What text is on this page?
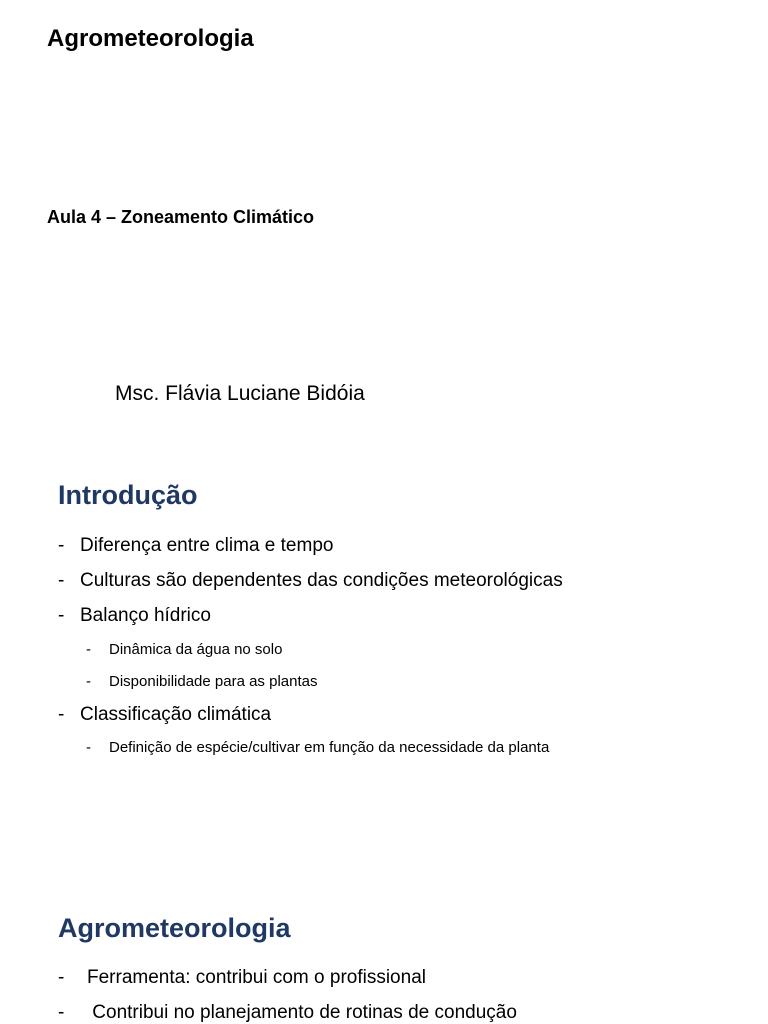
Agrometeorologia
Aula 4 – Zoneamento Climático
Msc. Flávia Luciane Bidóia
Introdução
- Diferença entre clima e tempo
- Culturas são dependentes das condições meteorológicas
- Balanço hídrico
-	Dinâmica da água no solo
-	Disponibilidade para as plantas
- Classificação climática
-	Definição de espécie/cultivar em função da necessidade da planta
Agrometeorologia
-	Ferramenta: contribui com o profissional
-	Contribui no planejamento de rotinas de condução
